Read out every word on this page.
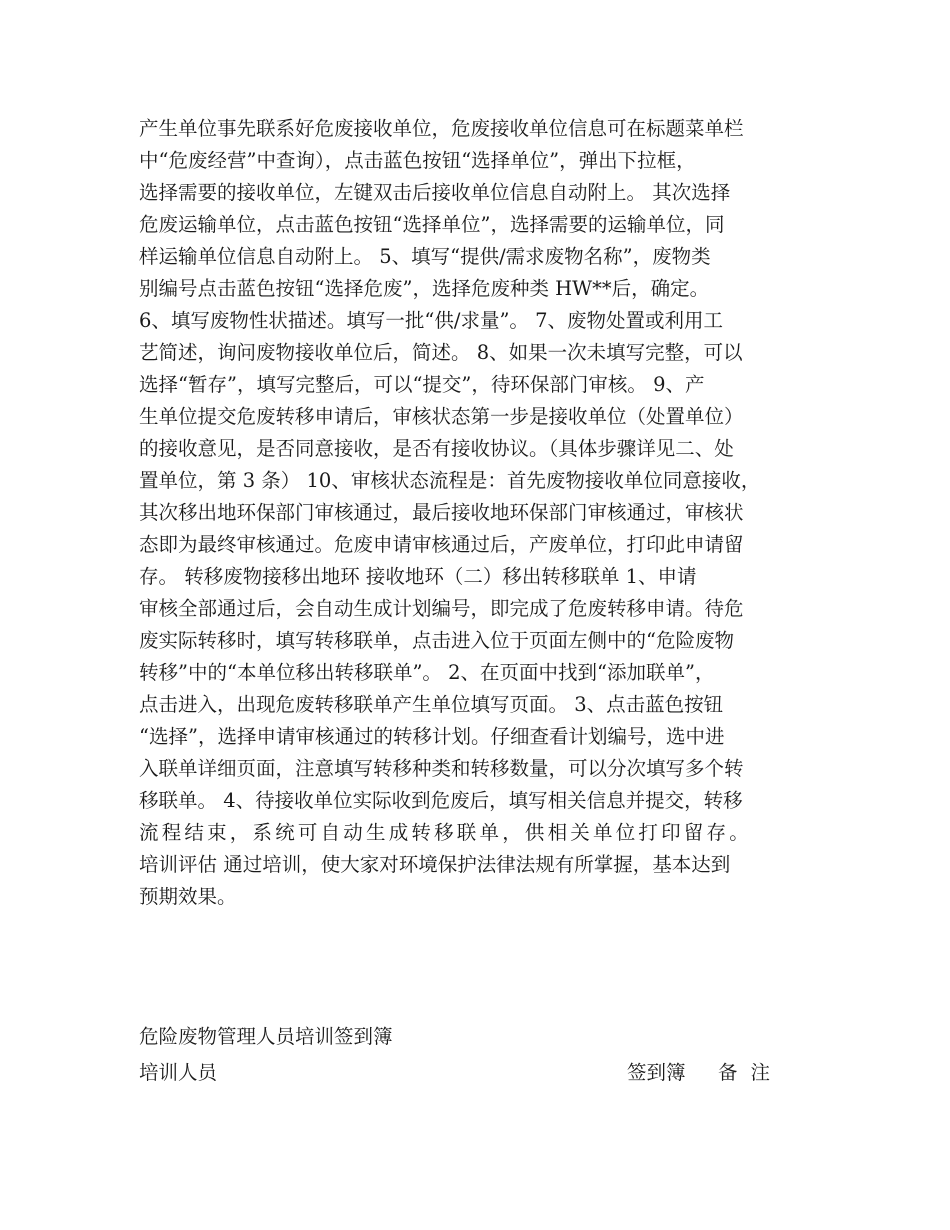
产生单位事先联系好危废接收单位，危废接收单位信息可在标题菜单栏
中“危废经营”中查询），点击蓝色按钮“选择单位”，弹出下拉框，
选择需要的接收单位，左键双击后接收单位信息自动附上。 其次选择
危废运输单位，点击蓝色按钮“选择单位”，选择需要的运输单位，同
样运输单位信息自动附上。 5、填写“提供/需求废物名称”，废物类
别编号点击蓝色按钮“选择危废”，选择危废种类 HW**后，确定。
6、填写废物性状描述。填写一批“供/求量”。 7、废物处置或利用工
艺简述，询问废物接收单位后，简述。 8、如果一次未填写完整，可以
选择“暂存”，填写完整后，可以“提交”，待环保部门审核。 9、产
生单位提交危废转移申请后，审核状态第一步是接收单位（处置单位）
的接收意见，是否同意接收，是否有接收协议。（具体步骤详见二、处
置单位，第 3 条） 10、审核状态流程是：首先废物接收单位同意接收，
其次移出地环保部门审核通过，最后接收地环保部门审核通过，审核状
态即为最终审核通过。危废申请审核通过后，产废单位，打印此申请留
存。 转移废物接移出地环 接收地环（二）移出转移联单 1、申请
审核全部通过后，会自动生成计划编号，即完成了危废转移申请。待危
废实际转移时，填写转移联单，点击进入位于页面左侧中的“危险废物
转移”中的“本单位移出转移联单”。 2、在页面中找到“添加联单”，
点击进入，出现危废转移联单产生单位填写页面。 3、点击蓝色按钮
“选择”，选择申请审核通过的转移计划。仔细查看计划编号，选中进
入联单详细页面，注意填写转移种类和转移数量，可以分次填写多个转
移联单。 4、待接收单位实际收到危废后，填写相关信息并提交，转移
流程结束，系统可自动生成转移联单，供相关单位打印留存。
培训评估 通过培训，使大家对环境保护法律法规有所掌握，基本达到
预期效果。
危险废物管理人员培训签到簿
培训人员	签到簿 备注
